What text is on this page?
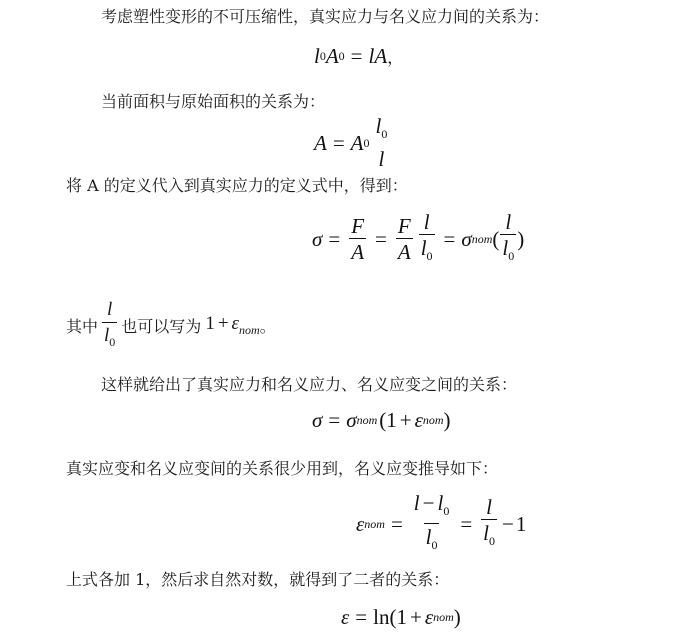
考虑塑性变形的不可压缩性，真实应力与名义应力间的关系为：
l 0 A 0 = l A ，
当前面积与原始面积的关系为：
A = A 0
$l_0$
l
将 A 的定义代入到真实应力的定义式中，得到：
$\sigma = \frac{F}{A} = \frac{F}{A} \frac{l}{l_0} = \sigma$ nom ( $\frac{l}{l_0}$ )
其中 $\frac{l}{l_0}$ 也可以写为 $1 + \varepsilon_{nom}$ 。
这样就给出了真实应力和名义应力、名义应变之间的关系：
σ = σ nom ( 1 + ε nom )
真实应变和名义应变间的关系很少用到，名义应变推导如下：
ε nom = $\frac{l - l_0}{l_0} = \frac{l}{l_0} - 1$
上式各加 1，然后求自然对数，就得到了二者的关系：
ε = ln ( 1 + ε nom )
